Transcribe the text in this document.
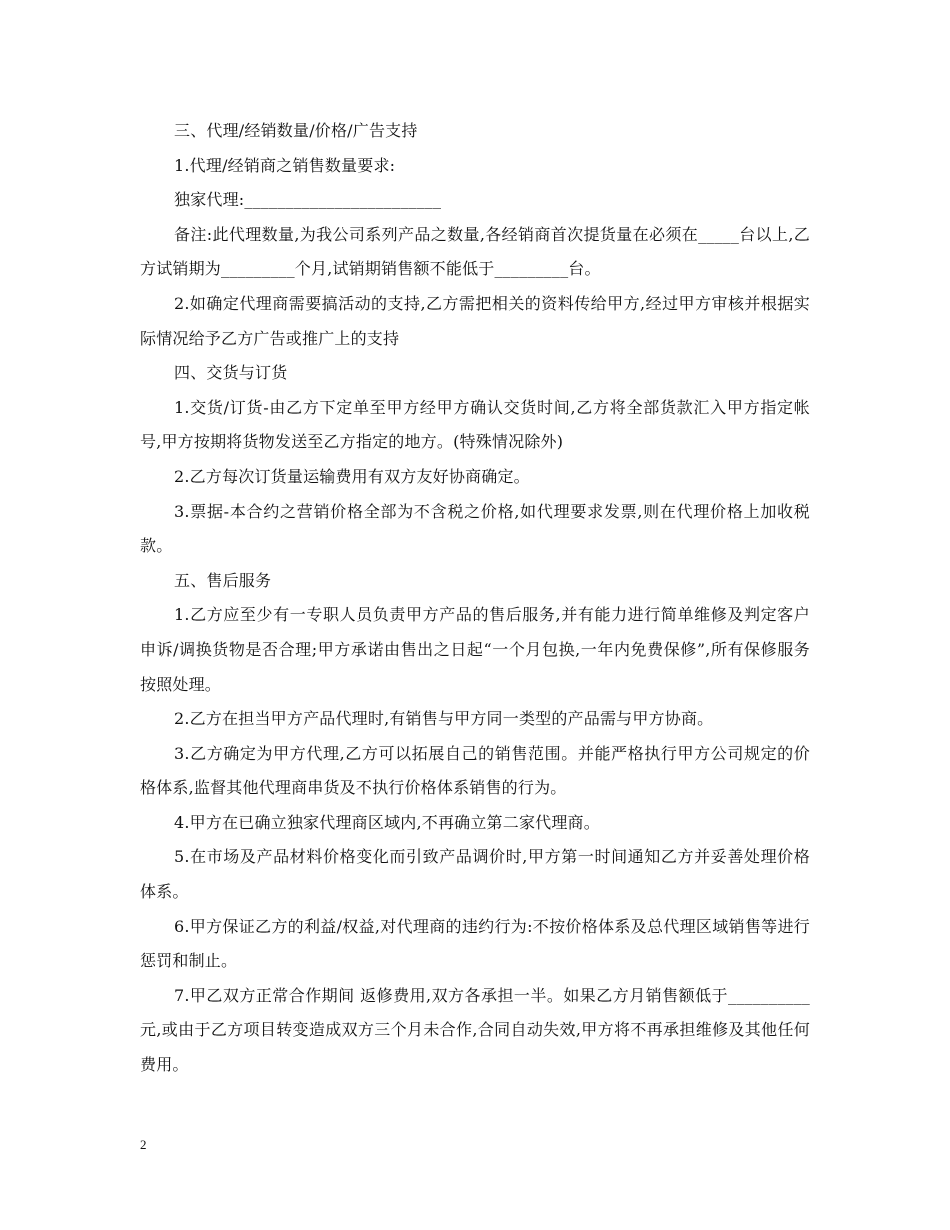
三、代理/经销数量/价格/广告支持

1.代理/经销商之销售数量要求:

独家代理:________________________

备注:此代理数量,为我公司系列产品之数量,各经销商首次提货量在必须在_____台以上,乙方试销期为_________个月,试销期销售额不能低于_________台。

2.如确定代理商需要搞活动的支持,乙方需把相关的资料传给甲方,经过甲方审核并根据实际情况给予乙方广告或推广上的支持

四、交货与订货

1.交货/订货-由乙方下定单至甲方经甲方确认交货时间,乙方将全部货款汇入甲方指定帐号,甲方按期将货物发送至乙方指定的地方。(特殊情况除外)

2.乙方每次订货量运输费用有双方友好协商确定。

3.票据-本合约之营销价格全部为不含税之价格,如代理要求发票,则在代理价格上加收税款。

五、售后服务

1.乙方应至少有一专职人员负责甲方产品的售后服务,并有能力进行简单维修及判定客户申诉/调换货物是否合理;甲方承诺由售出之日起“一个月包换,一年内免费保修”,所有保修服务按照处理。

2.乙方在担当甲方产品代理时,有销售与甲方同一类型的产品需与甲方协商。

3.乙方确定为甲方代理,乙方可以拓展自己的销售范围。并能严格执行甲方公司规定的价格体系,监督其他代理商串货及不执行价格体系销售的行为。

4.甲方在已确立独家代理商区域内,不再确立第二家代理商。

5.在市场及产品材料价格变化而引致产品调价时,甲方第一时间通知乙方并妥善处理价格体系。

6.甲方保证乙方的利益/权益,对代理商的违约行为:不按价格体系及总代理区域销售等进行惩罚和制止。

7.甲乙双方正常合作期间 返修费用,双方各承担一半。如果乙方月销售额低于__________元,或由于乙方项目转变造成双方三个月未合作,合同自动失效,甲方将不再承担维修及其他任何费用。

2
